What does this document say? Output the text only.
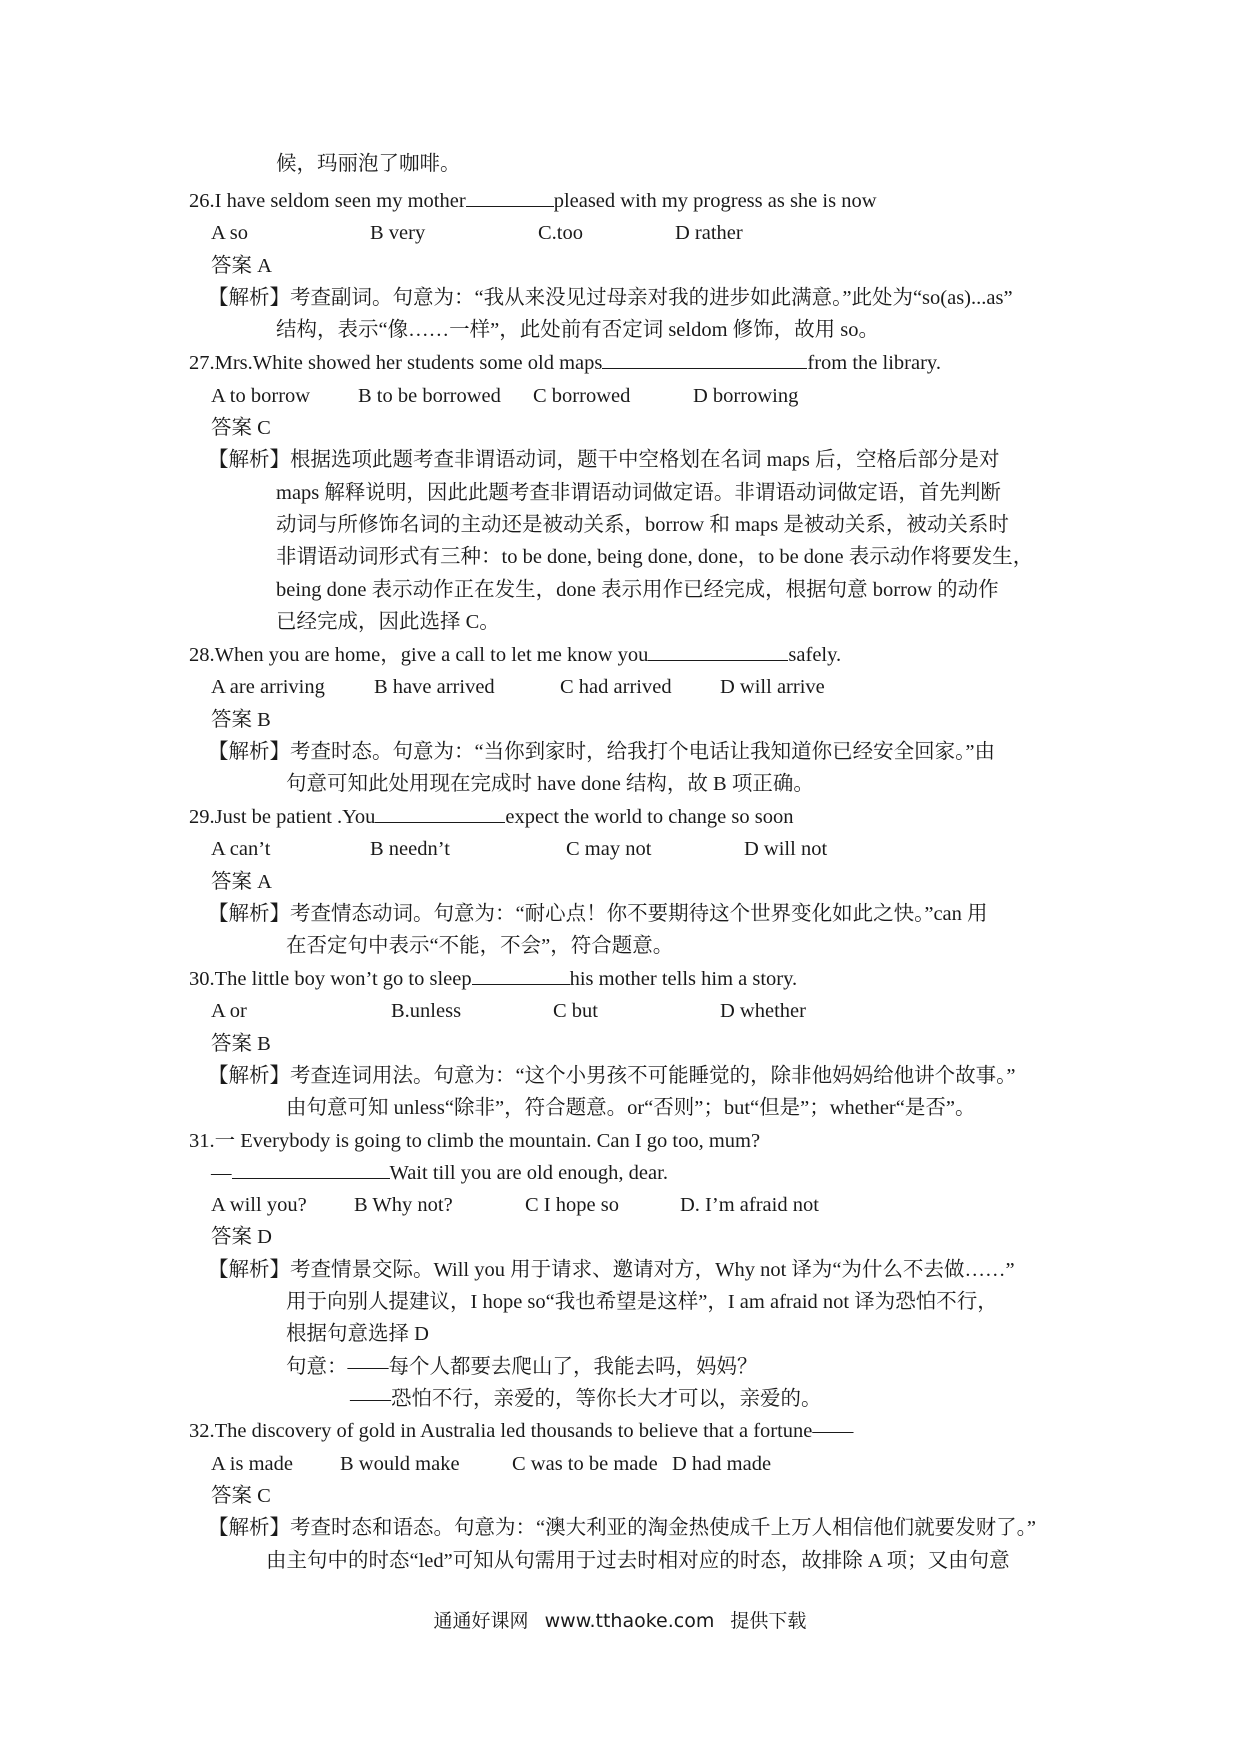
候，玛丽泡了咖啡。
26.I have seldom seen my mother	pleased with my progress as she is now
A so	B very	C.too	D rather
答案 A
【解析】考查副词。句意为：“我从来没见过母亲对我的进步如此满意。”此处为“so(as)...as”
结构，表示“像……一样”，此处前有否定词 seldom 修饰，故用 so。
27.Mrs.White showed her students some old maps	from the library.
A to borrow B to be borrowed C borrowed	D borrowing
答案 C
【解析】根据选项此题考查非谓语动词，题干中空格划在名词 maps 后，空格后部分是对
maps 解释说明，因此此题考查非谓语动词做定语。非谓语动词做定语，首先判断
动词与所修饰名词的主动还是被动关系，borrow 和 maps 是被动关系，被动关系时
非谓语动词形式有三种：to be done, being done, done，to be done 表示动作将要发生，
being done 表示动作正在发生，done 表示用作已经完成，根据句意 borrow 的动作
已经完成，因此选择 C。
28.When you are home，give a call to let me know you	safely.
A are arriving B have arrived	C had arrived D will arrive
答案 B
【解析】考查时态。句意为：“当你到家时，给我打个电话让我知道你已经安全回家。”由
句意可知此处用现在完成时 have done 结构，故 B 项正确。
29.Just be patient .You	expect the world to change so soon
A can’t	B needn’t	C may not	D will not
答案 A
【解析】考查情态动词。句意为：“耐心点！你不要期待这个世界变化如此之快。”can 用
在否定句中表示“不能，不会”，符合题意。
30.The little boy won’t go to sleep	his mother tells him a story.
A or	B.unless	C but	D whether
答案 B
【解析】考查连词用法。句意为：“这个小男孩不可能睡觉的，除非他妈妈给他讲个故事。”
由句意可知 unless“除非”，符合题意。or“否则”；but“但是”；whether“是否”。
31.一 Everybody is going to climb the mountain. Can I go too, mum?
—	Wait till you are old enough, dear.
A will you? B Why not?	C I hope so	D. I’m afraid not
答案 D
【解析】考查情景交际。Will you 用于请求、邀请对方，Why not 译为“为什么不去做……”
用于向别人提建议，I hope so“我也希望是这样”，I am afraid not 译为恐怕不行，
根据句意选择 D
句意：——每个人都要去爬山了，我能去吗，妈妈？
——恐怕不行，亲爱的，等你长大才可以，亲爱的。
32.The discovery of gold in Australia led thousands to believe that a fortune——
A is made B would make	C was to be made D had made
答案 C
【解析】考查时态和语态。句意为：“澳大利亚的淘金热使成千上万人相信他们就要发财了。”
由主句中的时态“led”可知从句需用于过去时相对应的时态，故排除 A 项；又由句意
通通好课网 www.tthaoke.com 提供下载
